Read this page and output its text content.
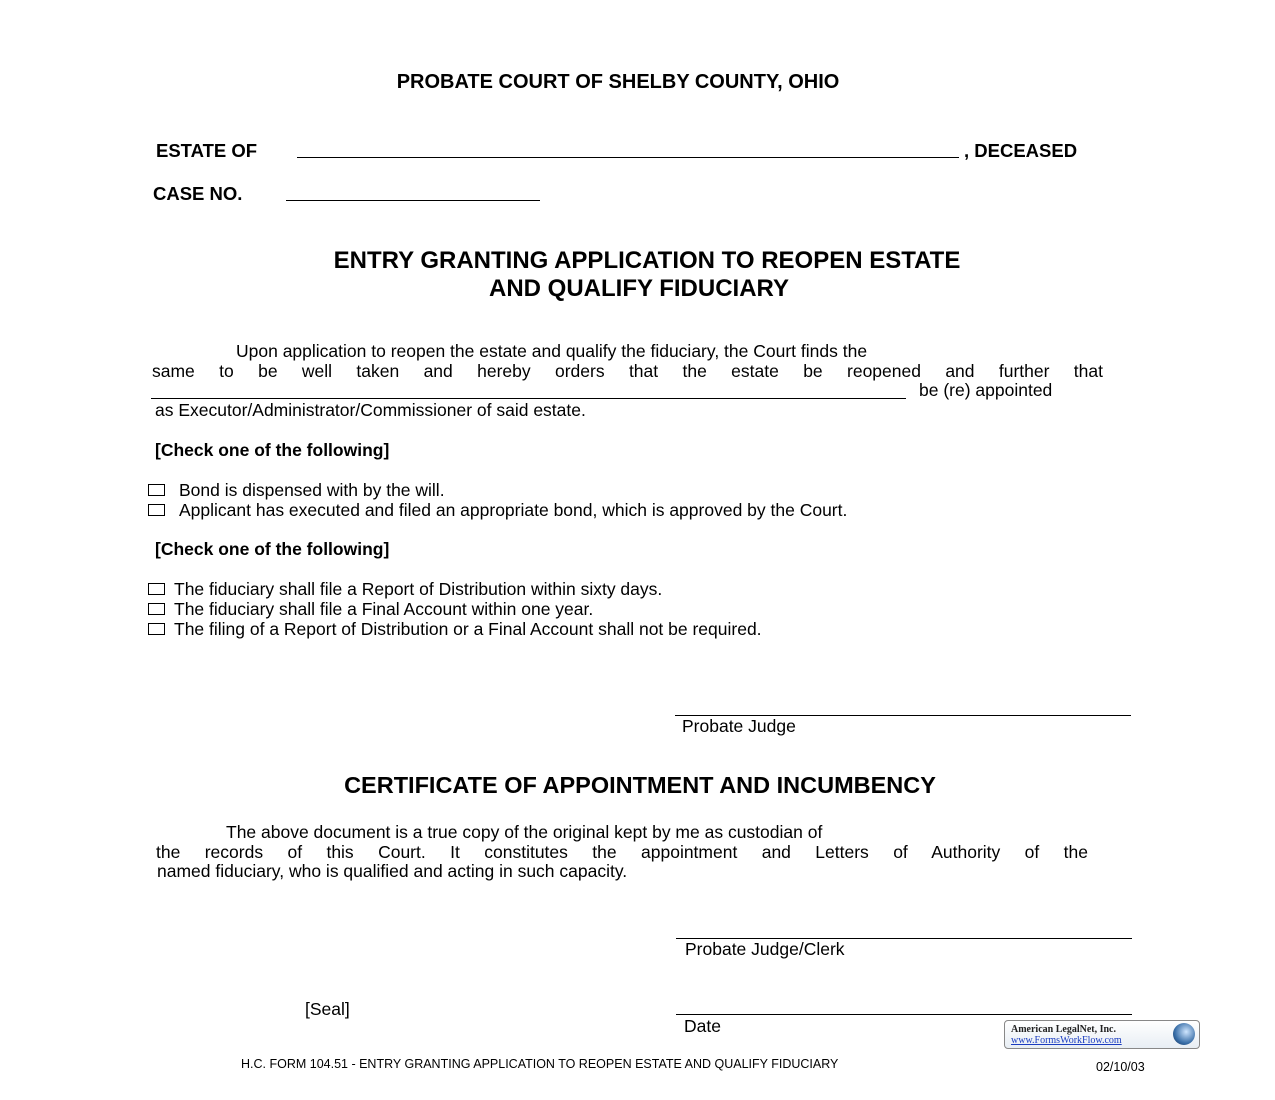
PROBATE COURT OF SHELBY COUNTY, OHIO
ESTATE OF	, DECEASED
CASE NO.
ENTRY GRANTING APPLICATION TO REOPEN ESTATE
AND QUALIFY FIDUCIARY
Upon application to reopen the estate and qualify the fiduciary, the Court finds the
same to be well taken and hereby orders that the estate be reopened and further that
be (re) appointed
as Executor/Administrator/Commissioner of said estate.
[Check one of the following]
Bond is dispensed with by the will.
Applicant has executed and filed an appropriate bond, which is approved by the Court.
[Check one of the following]
The fiduciary shall file a Report of Distribution within sixty days.
The fiduciary shall file a Final Account within one year.
The filing of a Report of Distribution or a Final Account shall not be required.
Probate Judge
CERTIFICATE OF APPOINTMENT AND INCUMBENCY
The above document is a true copy of the original kept by me as custodian of
the records of this Court. It constitutes the appointment and Letters of Authority of the
named fiduciary, who is qualified and acting in such capacity.
Probate Judge/Clerk
[Seal]
Date	American LegalNet, Inc.
www.FormsWorkFlow.com
H.C. FORM 104.51 - ENTRY GRANTING APPLICATION TO REOPEN ESTATE AND QUALIFY FIDUCIARY	02/10/03
